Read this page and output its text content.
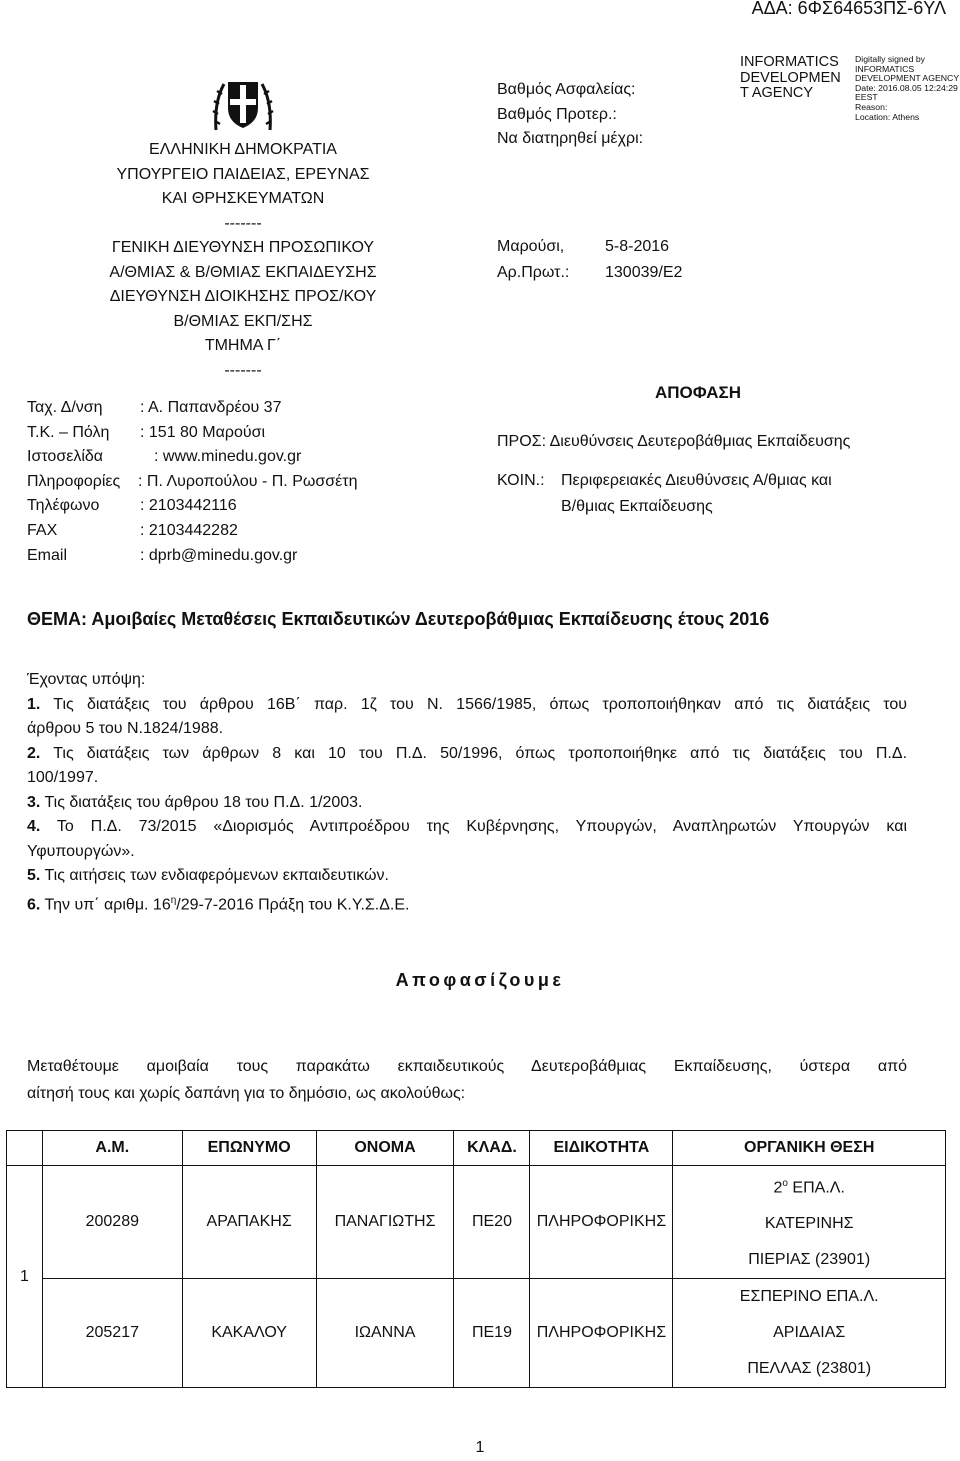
ΑΔΑ: 6ΦΣ64653ΠΣ-6ΥΛ
ΕΛΛΗΝΙΚΗ ΔΗΜΟΚΡΑΤΙΑ
ΥΠΟΥΡΓΕΙΟ ΠΑΙΔΕΙΑΣ, ΕΡΕΥΝΑΣ
ΚΑΙ ΘΡΗΣΚΕΥΜΑΤΩΝ
-------
ΓΕΝΙΚΗ ΔΙΕΥΘΥΝΣΗ ΠΡΟΣΩΠΙΚΟΥ
Α/ΘΜΙΑΣ & Β/ΘΜΙΑΣ ΕΚΠΑΙΔΕΥΣΗΣ
ΔΙΕΥΘΥΝΣΗ ΔΙΟΙΚΗΣΗΣ ΠΡΟΣ/ΚΟΥ
Β/ΘΜΙΑΣ ΕΚΠ/ΣΗΣ
ΤΜΗΜΑ Γ΄
-------
Ταχ. Δ/νση	: Α. Παπανδρέου 37
Τ.Κ. – Πόλη	: 151 80 Μαρούσι
Ιστοσελίδα	: www.minedu.gov.gr
Πληροφορίες	: Π. Λυροπούλου - Π. Ρωσσέτη
Τηλέφωνο	: 2103442116
FAX	: 2103442282
Email	: dprb@minedu.gov.gr
Βαθμός Ασφαλείας:
Βαθμός Προτερ.:
Να διατηρηθεί μέχρι:
INFORMATICS
DEVELOPMEN
T AGENCY
Digitally signed by
INFORMATICS
DEVELOPMENT AGENCY
Date: 2016.08.05 12:24:29
EEST
Reason:
Location: Athens
Μαρούσι,	5-8-2016
Αρ.Πρωτ.:	130039/Ε2
ΑΠΟΦΑΣΗ
ΠΡΟΣ: Διευθύνσεις Δευτεροβάθμιας Εκπαίδευσης
ΚΟΙΝ.: Περιφερειακές Διευθύνσεις Α/θμιας και
Β/θμιας Εκπαίδευσης
ΘΕΜΑ: Αμοιβαίες Μεταθέσεις Εκπαιδευτικών Δευτεροβάθμιας Εκπαίδευσης έτους 2016
Έχοντας υπόψη:
1. Τις διατάξεις του άρθρου 16Β΄ παρ. 1ζ του Ν. 1566/1985, όπως τροποποιήθηκαν από τις διατάξεις του
άρθρου 5 του Ν.1824/1988.
2. Τις διατάξεις των άρθρων 8 και 10 του Π.Δ. 50/1996, όπως τροποποιήθηκε από τις διατάξεις του Π.Δ.
100/1997.
3. Τις διατάξεις του άρθρου 18 του Π.Δ. 1/2003.
4. Το Π.Δ. 73/2015 «Διορισμός Αντιπροέδρου της Κυβέρνησης, Υπουργών, Αναπληρωτών Υπουργών και
Υφυπουργών».
5. Τις αιτήσεις των ενδιαφερόμενων εκπαιδευτικών.
6. Την υπ΄ αριθμ. $16^\eta/29-7-2016$ Πράξη του Κ.Υ.Σ.Δ.Ε.
Αποφασίζουμε
Μεταθέτουμε αμοιβαία τους παρακάτω εκπαιδευτικούς Δευτεροβάθμιας Εκπαίδευσης, ύστερα από
αίτησή τους και χωρίς δαπάνη για το δημόσιο, ως ακολούθως:
	Α.Μ.	ΕΠΩΝΥΜΟ	ΟΝΟΜΑ	ΚΛΑΔ.	ΕΙΔΙΚΟΤΗΤΑ	ΟΡΓΑΝΙΚΗ ΘΕΣΗ
1	200289	ΑΡΑΠΑΚΗΣ	ΠΑΝΑΓΙΩΤΗΣ	ΠΕ20	ΠΛΗΡΟΦΟΡΙΚΗΣ	$2^o$ ΕΠΑ.Λ.
ΚΑΤΕΡΙΝΗΣ
ΠΙΕΡΙΑΣ (23901)

	205217	ΚΑΚΑΛΟΥ	ΙΩΑΝΝΑ	ΠΕ19	ΠΛΗΡΟΦΟΡΙΚΗΣ	ΕΣΠΕΡΙΝΟ ΕΠΑ.Λ.
ΑΡΙΔΑΙΑΣ
ΠΕΛΛΑΣ (23801)
1
